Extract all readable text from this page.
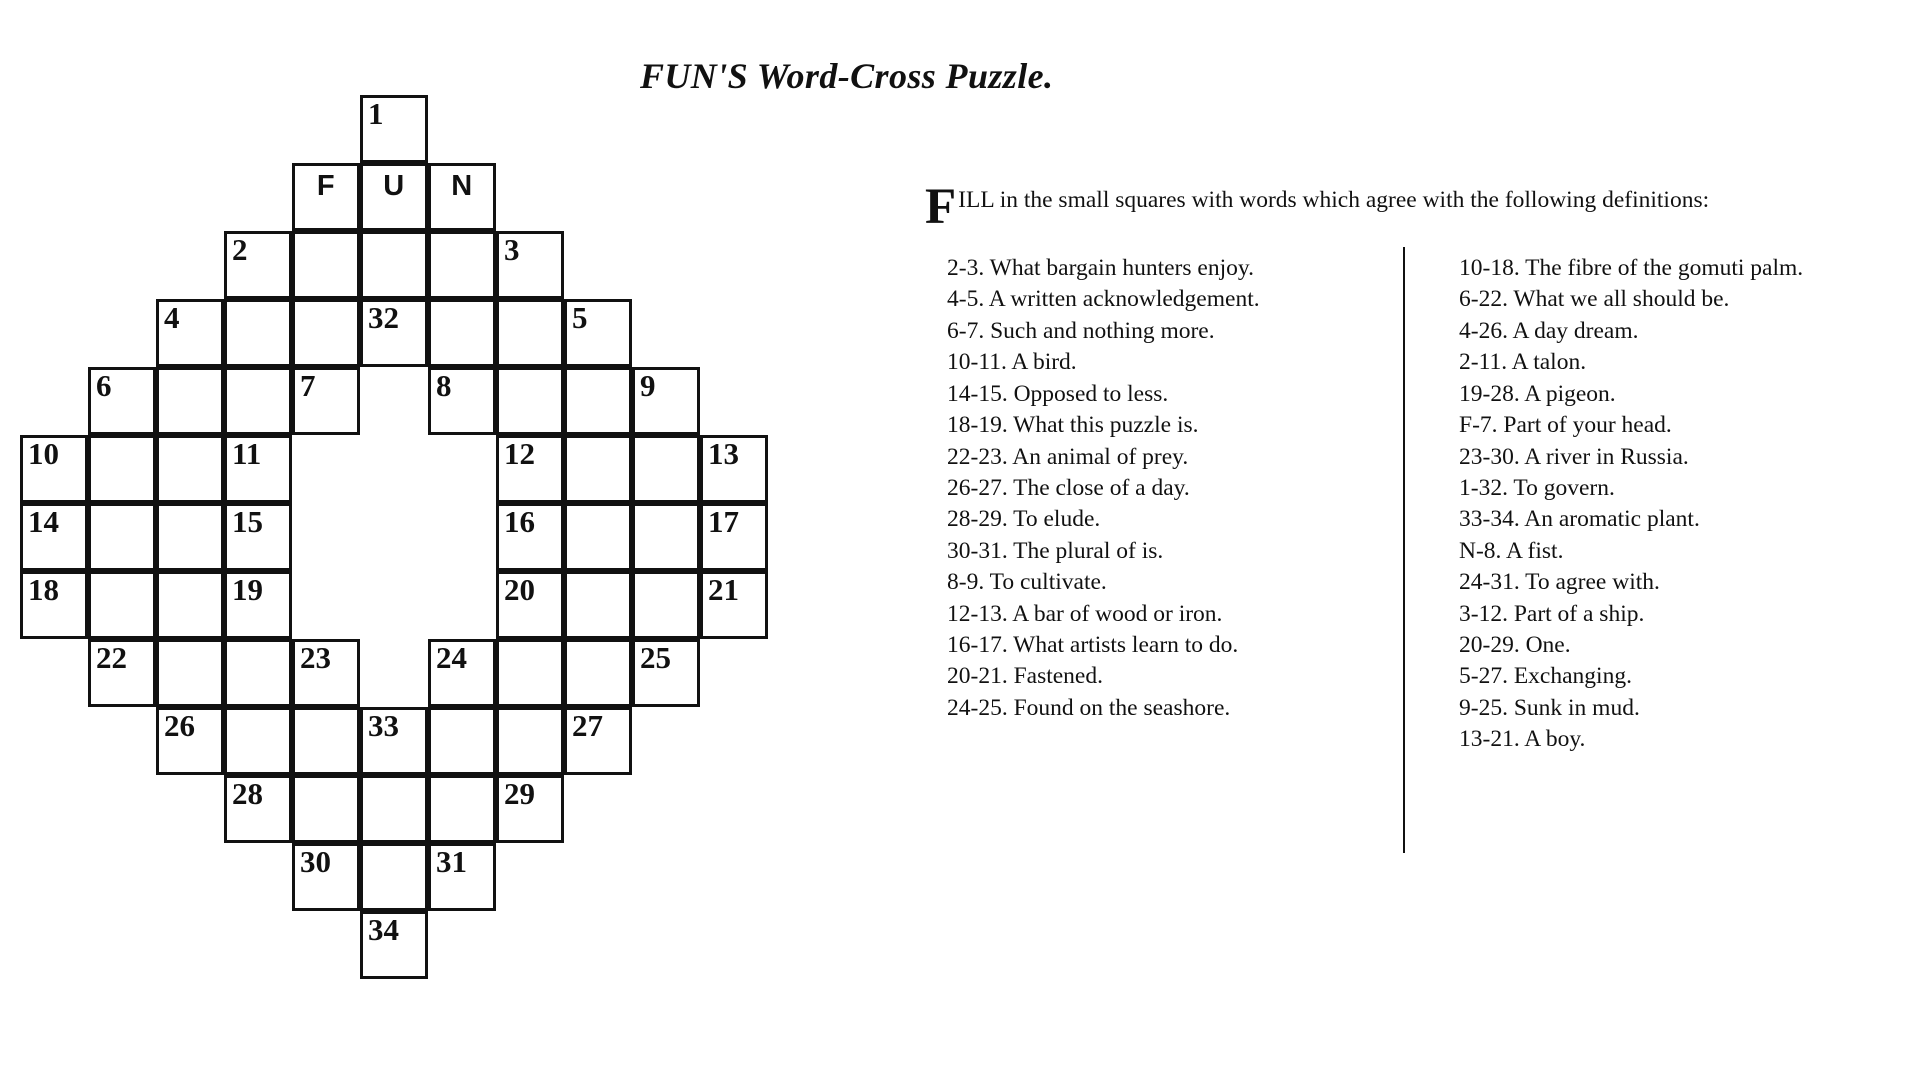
FUN'S Word-Cross Puzzle.
1
F	U	N
2	3
4	32	5
6	7	8	9
10	11	12	13
14	15	16	17
18	19	20	21
22	23	24	25
26	33	27
28	29
30	31
34
F ILL in the small squares with words which agree with the following definitions:

2-3. What bargain hunters enjoy.

4-5. A written acknowledgement.

6-7. Such and nothing more.

10-11. A bird.

14-15. Opposed to less.

18-19. What this puzzle is.

22-23. An animal of prey.

26-27. The close of a day.

28-29. To elude.

30-31. The plural of is.

8-9. To cultivate.

12-13. A bar of wood or iron.

16-17. What artists learn to do.

20-21. Fastened.

24-25. Found on the seashore.

10-18. The fibre of the gomuti palm.

6-22. What we all should be.

4-26. A day dream.

2-11. A talon.

19-28. A pigeon.

F-7. Part of your head.

23-30. A river in Russia.

1-32. To govern.

33-34. An aromatic plant.

N-8. A fist.

24-31. To agree with.

3-12. Part of a ship.

20-29. One.

5-27. Exchanging.

9-25. Sunk in mud.

13-21. A boy.
